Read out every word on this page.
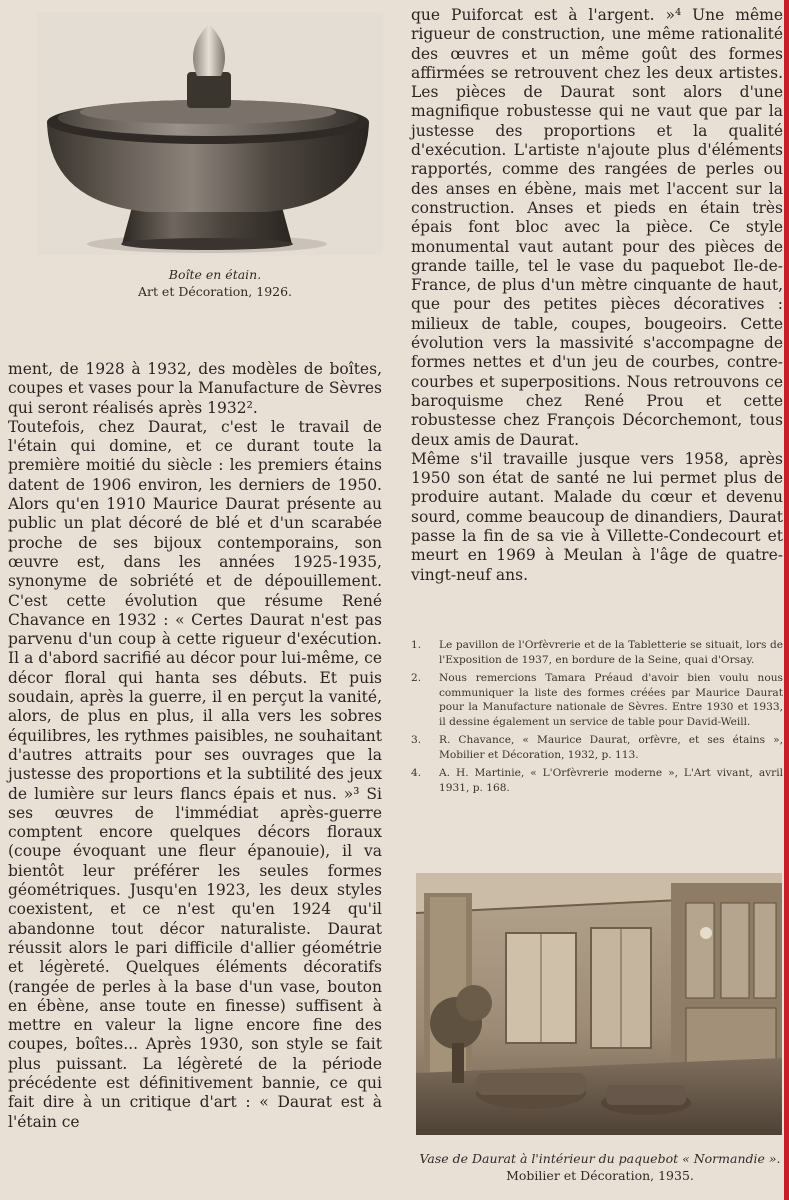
Boîte en étain.
Art et Décoration, 1926.

ment, de 1928 à 1932, des modèles de boîtes, coupes et vases pour la Manufacture de Sèvres qui seront réalisés après 1932².

Toutefois, chez Daurat, c'est le travail de l'étain qui domine, et ce durant toute la première moitié du siècle : les premiers étains datent de 1906 environ, les derniers de 1950. Alors qu'en 1910 Maurice Daurat présente au public un plat décoré de blé et d'un scarabée proche de ses bijoux contemporains, son œuvre est, dans les années 1925-1935, synonyme de sobriété et de dépouillement. C'est cette évolution que résume René Chavance en 1932 : « Certes Daurat n'est pas parvenu d'un coup à cette rigueur d'exécution. Il a d'abord sacrifié au décor pour lui-même, ce décor floral qui hanta ses débuts. Et puis soudain, après la guerre, il en perçut la vanité, alors, de plus en plus, il alla vers les sobres équilibres, les rythmes paisibles, ne souhaitant d'autres attraits pour ses ouvrages que la justesse des proportions et la subtilité des jeux de lumière sur leurs flancs épais et nus. »³ Si ses œuvres de l'immédiat après-guerre comptent encore quelques décors floraux (coupe évoquant une fleur épanouie), il va bientôt leur préférer les seules formes géométriques. Jusqu'en 1923, les deux styles coexistent, et ce n'est qu'en 1924 qu'il abandonne tout décor naturaliste. Daurat réussit alors le pari difficile d'allier géométrie et légèreté. Quelques éléments décoratifs (rangée de perles à la base d'un vase, bouton en ébène, anse toute en finesse) suffisent à mettre en valeur la ligne encore fine des coupes, boîtes... Après 1930, son style se fait plus puissant. La légèreté de la période précédente est définitivement bannie, ce qui fait dire à un critique d'art : « Daurat est à l'étain ce

que Puiforcat est à l'argent. »⁴ Une même rigueur de construction, une même rationalité des œuvres et un même goût des formes affirmées se retrouvent chez les deux artistes. Les pièces de Daurat sont alors d'une magnifique robustesse qui ne vaut que par la justesse des proportions et la qualité d'exécution. L'artiste n'ajoute plus d'éléments rapportés, comme des rangées de perles ou des anses en ébène, mais met l'accent sur la construction. Anses et pieds en étain très épais font bloc avec la pièce. Ce style monumental vaut autant pour des pièces de grande taille, tel le vase du paquebot Ile-de-France, de plus d'un mètre cinquante de haut, que pour des petites pièces décoratives : milieux de table, coupes, bougeoirs. Cette évolution vers la massivité s'accompagne de formes nettes et d'un jeu de courbes, contre-courbes et superpositions. Nous retrouvons ce baroquisme chez René Prou et cette robustesse chez François Décorchemont, tous deux amis de Daurat.

Même s'il travaille jusque vers 1958, après 1950 son état de santé ne lui permet plus de produire autant. Malade du cœur et devenu sourd, comme beaucoup de dinandiers, Daurat passe la fin de sa vie à Villette-Condecourt et meurt en 1969 à Meulan à l'âge de quatre-vingt-neuf ans.

1.	Le pavillon de l'Orfèvrerie et de la Tabletterie se situait, lors de l'Exposition de 1937, en bordure de la Seine, quai d'Orsay.
2.	Nous remercions Tamara Préaud d'avoir bien voulu nous communiquer la liste des formes créées par Maurice Daurat pour la Manufacture nationale de Sèvres. Entre 1930 et 1933, il dessine également un service de table pour David-Weill.
3.	R. Chavance, « Maurice Daurat, orfèvre, et ses étains », Mobilier et Décoration, 1932, p. 113.
4.	A. H. Martinie, « L'Orfèvrerie moderne », L'Art vivant, avril 1931, p. 168.
Vase de Daurat à l'intérieur du paquebot « Normandie ».
Mobilier et Décoration, 1935.
